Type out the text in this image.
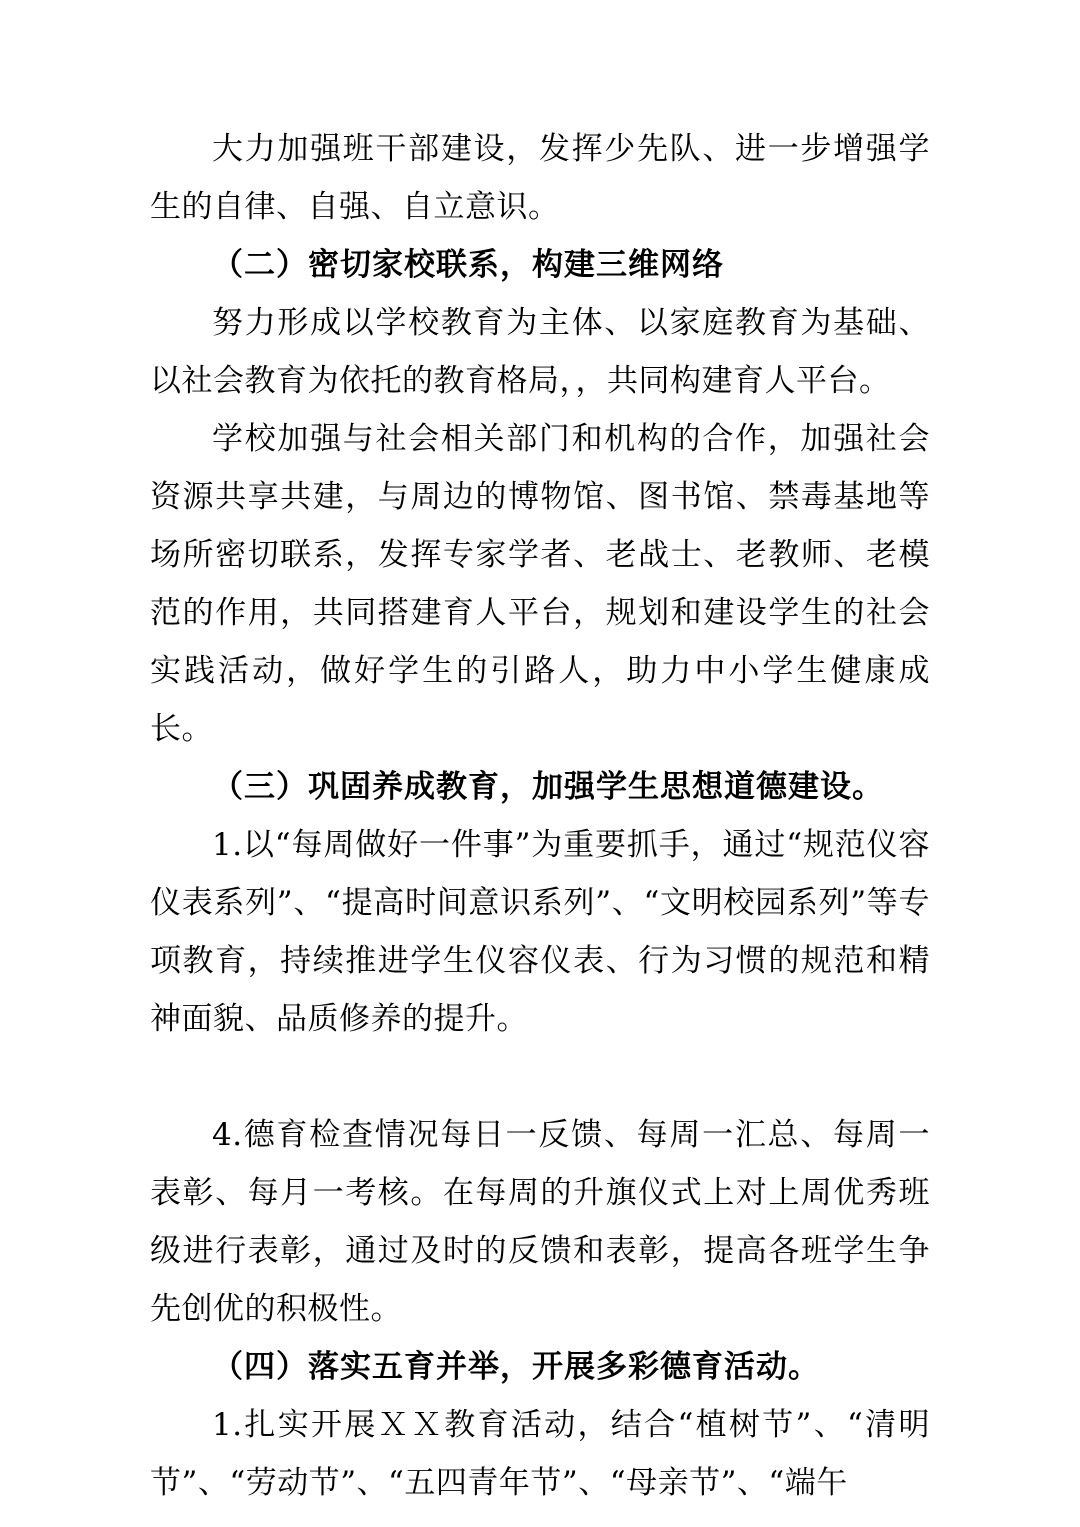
大力加强班干部建设，发挥少先队、进一步增强学生的自律、自强、自立意识。

（二）密切家校联系，构建三维网络

努力形成以学校教育为主体、以家庭教育为基础、以社会教育为依托的教育格局，，共同构建育人平台。

学校加强与社会相关部门和机构的合作，加强社会资源共享共建，与周边的博物馆、图书馆、禁毒基地等场所密切联系，发挥专家学者、老战士、老教师、老模范的作用，共同搭建育人平台，规划和建设学生的社会实践活动，做好学生的引路人，助力中小学生健康成长。

（三）巩固养成教育，加强学生思想道德建设。

1.以“每周做好一件事”为重要抓手，通过“规范仪容仪表系列”、“提高时间意识系列”、“文明校园系列”等专项教育，持续推进学生仪容仪表、行为习惯的规范和精神面貌、品质修养的提升。

4.德育检查情况每日一反馈、每周一汇总、每周一表彰、每月一考核。在每周的升旗仪式上对上周优秀班级进行表彰，通过及时的反馈和表彰，提高各班学生争先创优的积极性。

（四）落实五育并举，开展多彩德育活动。

1.扎实开展ＸＸ教育活动，结合“植树节”、“清明节”、“劳动节”、“五四青年节”、“母亲节”、“端午
